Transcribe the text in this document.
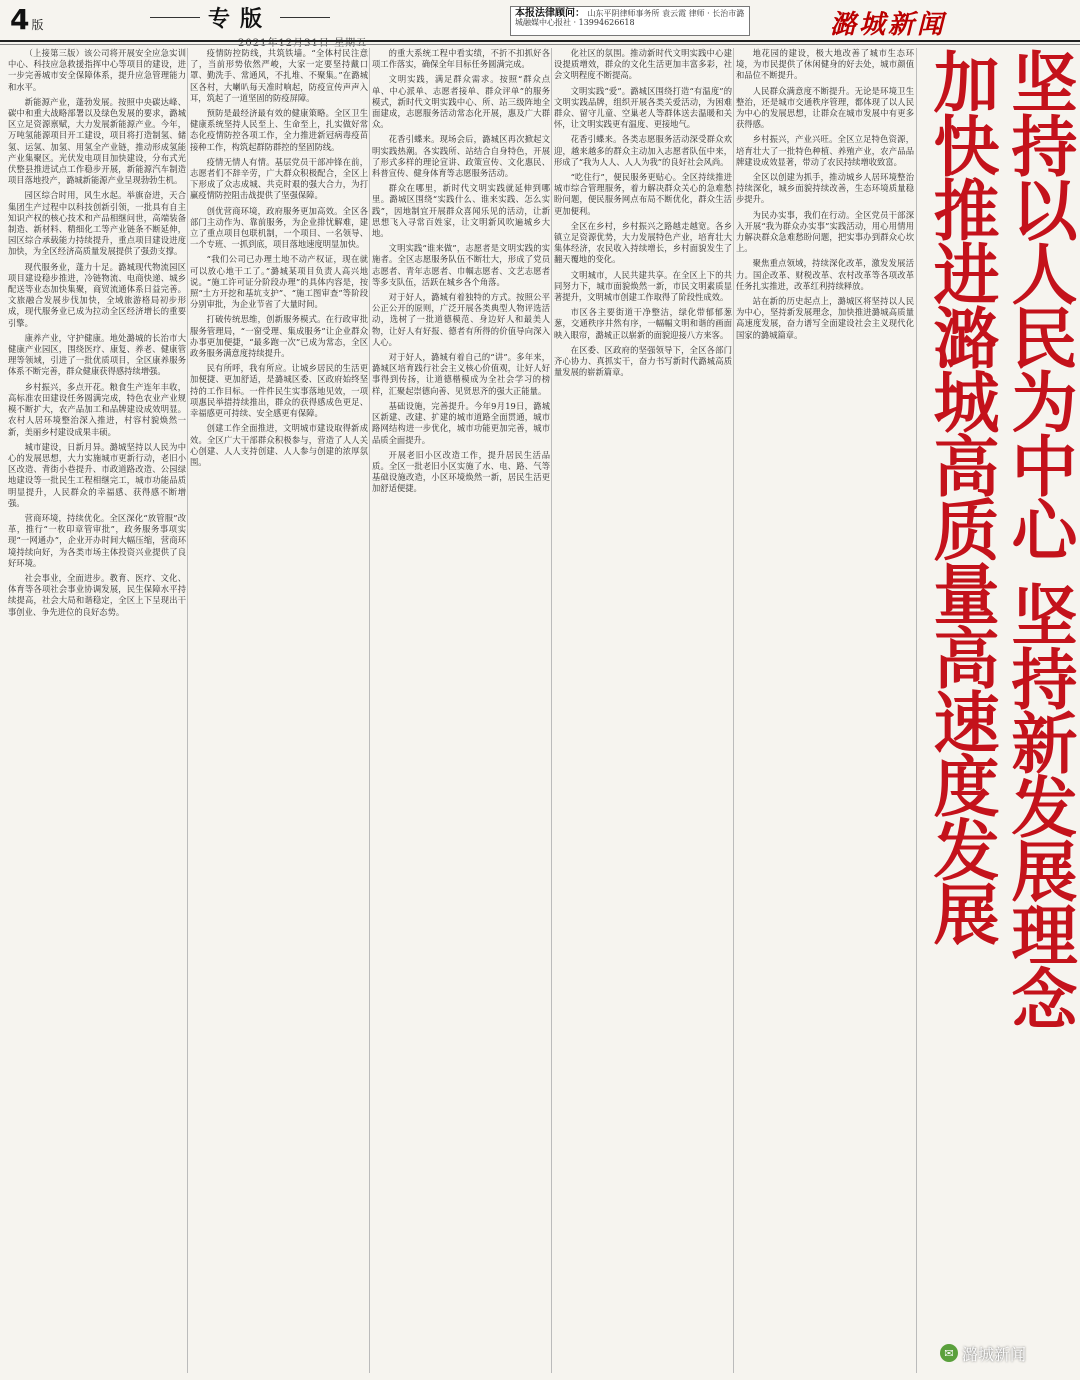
4 版	专版	本报法律顾问： 山东平阴律师事务所 袁云霞 律师 · 长治市潞城融媒中心报社 · 13994626618	潞城新闻

（上接第三版）该公司将开展安全应急实训中心、科技应急救援指挥中心等项目的建设，进一步完善城市安全保障体系，提升应急管理能力和水平。

新能源产业，蓬勃发展。按照中央碳达峰、碳中和重大战略部署以及绿色发展的要求，潞城区立足资源禀赋，大力发展新能源产业。今年，万吨氢能源项目开工建设，项目将打造制氢、储氢、运氢、加氢、用氢全产业链，推动形成氢能产业集聚区。光伏发电项目加快建设，分布式光伏整县推进试点工作稳步开展，新能源汽车制造项目落地投产，潞城新能源产业呈现勃勃生机。

园区综合时用，风生水起。举旗奋进，天合集团生产过程中以科技创新引领，一批具有自主知识产权的核心技术和产品相继问世，高端装备制造、新材料、精细化工等产业链条不断延伸，园区综合承载能力持续提升，重点项目建设进度加快，为全区经济高质量发展提供了强劲支撑。

现代服务业，蓬力十足。潞城现代物流园区项目建设稳步推进，冷链物流、电商快递、城乡配送等业态加快集聚，商贸流通体系日益完善。文旅融合发展步伐加快，全域旅游格局初步形成，现代服务业已成为拉动全区经济增长的重要引擎。

康养产业，守护健康。地处潞城的长治市大健康产业园区，围绕医疗、康复、养老、健康管理等领域，引进了一批优质项目，全区康养服务体系不断完善，群众健康获得感持续增强。

乡村振兴，多点开花。粮食生产连年丰收，高标准农田建设任务圆满完成，特色农业产业规模不断扩大，农产品加工和品牌建设成效明显。农村人居环境整治深入推进，村容村貌焕然一新，美丽乡村建设成果丰硕。

城市建设，日新月异。潞城坚持以人民为中心的发展思想，大力实施城市更新行动，老旧小区改造、背街小巷提升、市政道路改造、公园绿地建设等一批民生工程相继完工，城市功能品质明显提升，人民群众的幸福感、获得感不断增强。

营商环境，持续优化。全区深化“放管服”改革，推行“一枚印章管审批”，政务服务事项实现“一网通办”，企业开办时间大幅压缩，营商环境持续向好，为各类市场主体投资兴业提供了良好环境。

社会事业，全面进步。教育、医疗、文化、体育等各项社会事业协调发展，民生保障水平持续提高，社会大局和谐稳定，全区上下呈现出干事创业、争先进位的良好态势。

疫情防控防线，共筑铁墙。“全体村民注意了，当前形势依然严峻，大家一定要坚持戴口罩、勤洗手、常通风，不扎堆、不聚集。”在潞城区各村，大喇叭每天准时响起，防疫宣传声声入耳，筑起了一道坚固的防疫屏障。

预防是最经济最有效的健康策略。全区卫生健康系统坚持人民至上、生命至上，扎实做好常态化疫情防控各项工作，全力推进新冠病毒疫苗接种工作，构筑起群防群控的坚固防线。

疫情无情人有情。基层党员干部冲锋在前，志愿者们不辞辛劳，广大群众积极配合，全区上下形成了众志成城、共克时艰的强大合力，为打赢疫情防控阻击战提供了坚强保障。

创优营商环境，政府服务更加高效。全区各部门主动作为、靠前服务，为企业排忧解难，建立了重点项目包联机制，一个项目、一名领导、一个专班、一抓到底，项目落地速度明显加快。

“我们公司已办理土地不动产权证，现在就可以放心地干工了。”潞城某项目负责人高兴地说。“施工许可证分阶段办理”的具体内容是，按照“土方开挖和基坑支护”、“施工图审查”等阶段分别审批，为企业节省了大量时间。

打破传统思维，创新服务模式。在行政审批服务管理局，“一窗受理、集成服务”让企业群众办事更加便捷，“最多跑一次”已成为常态，全区政务服务满意度持续提升。

民有所呼，我有所应。让城乡居民的生活更加便捷、更加舒适，是潞城区委、区政府始终坚持的工作目标。一件件民生实事落地见效，一项项惠民举措持续推出，群众的获得感成色更足、幸福感更可持续、安全感更有保障。

创建工作全面推进，文明城市建设取得新成效。全区广大干部群众积极参与，营造了人人关心创建、人人支持创建、人人参与创建的浓厚氛围。

的重大系统工程中看实绩，不折不扣抓好各项工作落实，确保全年目标任务圆满完成。

文明实践，满足群众需求。按照“群众点单、中心派单、志愿者接单、群众评单”的服务模式，新时代文明实践中心、所、站三级阵地全面建成，志愿服务活动常态化开展，惠及广大群众。

花香引蝶来。现场会后，潞城区再次掀起文明实践热潮。各实践所、站结合自身特色，开展了形式多样的理论宣讲、政策宣传、文化惠民、科普宣传、健身体育等志愿服务活动。

群众在哪里，新时代文明实践就延伸到哪里。潞城区围绕“实践什么、谁来实践、怎么实践”，因地制宜开展群众喜闻乐见的活动，让新思想飞入寻常百姓家，让文明新风吹遍城乡大地。

文明实践“谁来做”，志愿者是文明实践的实施者。全区志愿服务队伍不断壮大，形成了党员志愿者、青年志愿者、巾帼志愿者、文艺志愿者等多支队伍，活跃在城乡各个角落。

对于好人，潞城有着独特的方式。按照公平公正公开的原则，广泛开展各类典型人物评选活动，选树了一批道德模范、身边好人和最美人物，让好人有好报、德者有所得的价值导向深入人心。

对于好人，潞城有着自己的“讲”。多年来，潞城区培育践行社会主义核心价值观，让好人好事得到传扬，让道德楷模成为全社会学习的榜样，汇聚起崇德向善、见贤思齐的强大正能量。

基础设施，完善提升。今年9月19日，潞城区新建、改建、扩建的城市道路全面贯通，城市路网结构进一步优化，城市功能更加完善，城市品质全面提升。

开展老旧小区改造工作，提升居民生活品质。全区一批老旧小区实施了水、电、路、气等基础设施改造，小区环境焕然一新，居民生活更加舒适便捷。

化社区的氛围。推动新时代文明实践中心建设提质增效，群众的文化生活更加丰富多彩，社会文明程度不断提高。

文明实践“爱”。潞城区围绕打造“有温度”的文明实践品牌，组织开展各类关爱活动，为困难群众、留守儿童、空巢老人等群体送去温暖和关怀，让文明实践更有温度、更接地气。

花香引蝶来。各类志愿服务活动深受群众欢迎，越来越多的群众主动加入志愿者队伍中来，形成了“我为人人、人人为我”的良好社会风尚。

“吃住行”，便民服务更贴心。全区持续推进城市综合管理服务，着力解决群众关心的急难愁盼问题，便民服务网点布局不断优化，群众生活更加便利。

全区在乡村，乡村振兴之路越走越宽。各乡镇立足资源优势，大力发展特色产业，培育壮大集体经济，农民收入持续增长，乡村面貌发生了翻天覆地的变化。

文明城市，人民共建共享。在全区上下的共同努力下，城市面貌焕然一新，市民文明素质显著提升，文明城市创建工作取得了阶段性成效。

市区各主要街道干净整洁，绿化带郁郁葱葱，交通秩序井然有序，一幅幅文明和谐的画面映入眼帘，潞城正以崭新的面貌迎接八方来客。

在区委、区政府的坚强领导下，全区各部门齐心协力、真抓实干，奋力书写新时代潞城高质量发展的崭新篇章。

地花园的建设，极大地改善了城市生态环境，为市民提供了休闲健身的好去处，城市颜值和品位不断提升。

人民群众满意度不断提升。无论是环境卫生整治，还是城市交通秩序管理，都体现了以人民为中心的发展思想，让群众在城市发展中有更多获得感。

乡村振兴，产业兴旺。全区立足特色资源，培育壮大了一批特色种植、养殖产业，农产品品牌建设成效显著，带动了农民持续增收致富。

全区以创建为抓手，推动城乡人居环境整治持续深化，城乡面貌持续改善，生态环境质量稳步提升。

为民办实事，我们在行动。全区党员干部深入开展“我为群众办实事”实践活动，用心用情用力解决群众急难愁盼问题，把实事办到群众心坎上。

聚焦重点领域，持续深化改革，激发发展活力。国企改革、财税改革、农村改革等各项改革任务扎实推进，改革红利持续释放。

站在新的历史起点上，潞城区将坚持以人民为中心，坚持新发展理念，加快推进潞城高质量高速度发展，奋力谱写全面建设社会主义现代化国家的潞城篇章。	坚持以人民为中心 坚持新发展理念
加快推进潞城高质量高速度发展
✉ 潞城新闻
